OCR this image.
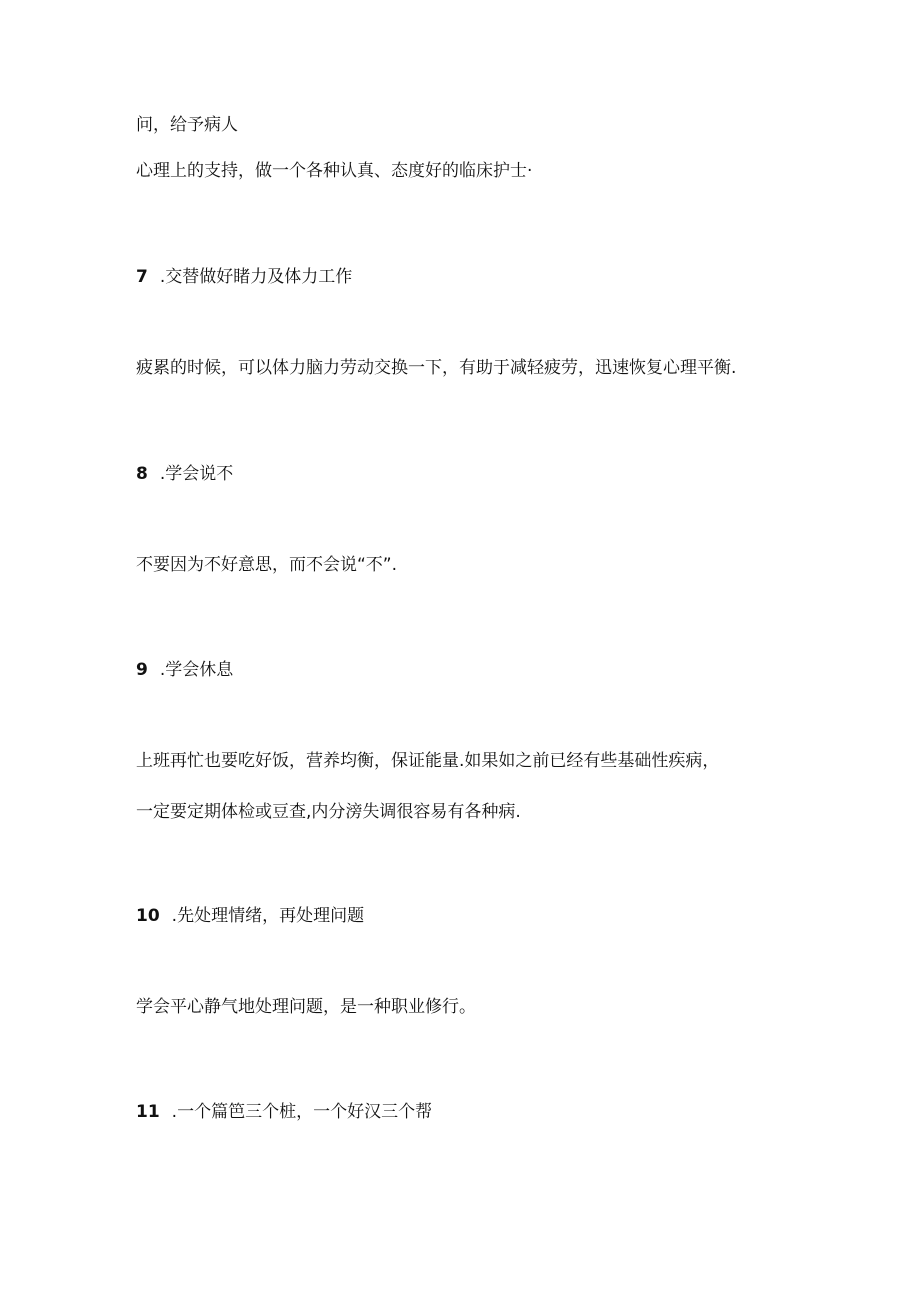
问，给予病人
心理上的支持，做一个各种认真、态度好的临床护士·
7 .交替做好睹力及体力工作
疲累的时候，可以体力脑力劳动交换一下，有助于减轻疲劳，迅速恢复心理平衡.
8 .学会说不
不要因为不好意思，而不会说“不”.
9 .学会休息
上班再忙也要吃好饭，营养均衡，保证能量.如果如之前已经有些基础性疾病，
一定要定期体检或豆查,内分滂失调很容易有各种病.
10 .先处理情绪，再处理问题
学会平心静气地处理问题，是一种职业修行。
11 .一个篇笆三个桩，一个好汉三个帮
